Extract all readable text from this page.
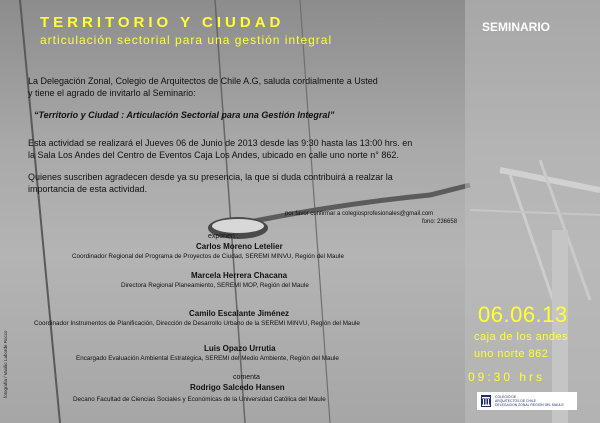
TERRITORIO Y CIUDAD
articulación sectorial para una gestión integral
SEMINARIO
La Delegación Zonal, Colegio de Arquitectos de Chile A.G, saluda cordialmente a Usted
y tiene el agrado de invitarlo al Seminario:
“Territorio y Ciudad : Articulación Sectorial para una Gestión Integral”
Esta actividad se realizará el Jueves 06 de Junio de 2013 desde las 9:30 hasta las 13:00 hrs. en
la Sala Los Andes del Centro de Eventos Caja Los Andes, ubicado en calle uno norte n° 862.
Quienes suscriben agradecen desde ya su presencia, la que si duda contribuirá a realzar la
importancia de esta actividad.
por favor confirmar a colegiosprofesionales@gmail.com
fono: 236658
exponen :
Carlos Moreno Letelier
Coordinador Regional del Programa de Proyectos de Ciudad, SEREMI MINVU, Región del Maule
Marcela Herrera Chacana
Directora Regional Planeamiento, SEREMI MOP, Región del Maule
Camilo Escalante Jiménez
Coordinador Instrumentos de Planificación, Dirección de Desarrollo Urbano de la SEREMI MINVU, Región del Maule
Luis Opazo Urrutia
Encargado Evaluación Ambiental Estratégica, SEREMI del Medio Ambiente, Región del Maule
comenta
Rodrigo Salcedo Hansen
Decano Facultad de Ciencias Sociales y Económicas de la Universidad Católica del Maule
06.06.13
caja de los andes
uno norte 862
09:30 hrs
COLEGIO DE
ARQUITECTOS DE CHILE
DELEGACION ZONAL REGION DEL MAULE
fotografía / Vasilio Laborde Rocco
